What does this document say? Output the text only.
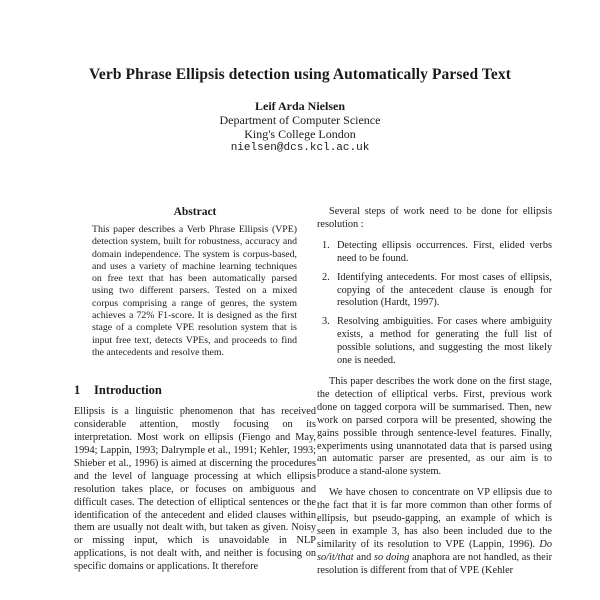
Verb Phrase Ellipsis detection using Automatically Parsed Text
Leif Arda Nielsen
Department of Computer Science
King's College London
nielsen@dcs.kcl.ac.uk
Abstract

This paper describes a Verb Phrase Ellipsis (VPE) detection system, built for robustness, accuracy and domain independence. The system is corpus-based, and uses a variety of machine learning techniques on free text that has been automatically parsed using two different parsers. Tested on a mixed corpus comprising a range of genres, the system achieves a 72% F1-score. It is designed as the first stage of a complete VPE resolution system that is input free text, detects VPEs, and proceeds to find the antecedents and resolve them.

1 Introduction

Ellipsis is a linguistic phenomenon that has received considerable attention, mostly focusing on its interpretation. Most work on ellipsis (Fiengo and May, 1994; Lappin, 1993; Dalrymple et al., 1991; Kehler, 1993; Shieber et al., 1996) is aimed at discerning the procedures and the level of language processing at which ellipsis resolution takes place, or focuses on ambiguous and difficult cases. The detection of elliptical sentences or the identification of the antecedent and elided clauses within them are usually not dealt with, but taken as given. Noisy or missing input, which is unavoidable in NLP applications, is not dealt with, and neither is focusing on specific domains or applications. It therefore

Several steps of work need to be done for ellipsis resolution :

1. Detecting ellipsis occurrences. First, elided verbs need to be found.
2. Identifying antecedents. For most cases of ellipsis, copying of the antecedent clause is enough for resolution (Hardt, 1997).
3. Resolving ambiguities. For cases where ambiguity exists, a method for generating the full list of possible solutions, and suggesting the most likely one is needed.

This paper describes the work done on the first stage, the detection of elliptical verbs. First, previous work done on tagged corpora will be summarised. Then, new work on parsed corpora will be presented, showing the gains possible through sentence-level features. Finally, experiments using unannotated data that is parsed using an automatic parser are presented, as our aim is to produce a stand-alone system.

We have chosen to concentrate on VP ellipsis due to the fact that it is far more common than other forms of ellipsis, but pseudo-gapping, an example of which is seen in example 3, has also been included due to the similarity of its resolution to VPE (Lappin, 1996). Do so/it/that and so doing anaphora are not handled, as their resolution is different from that of VPE (Kehler
